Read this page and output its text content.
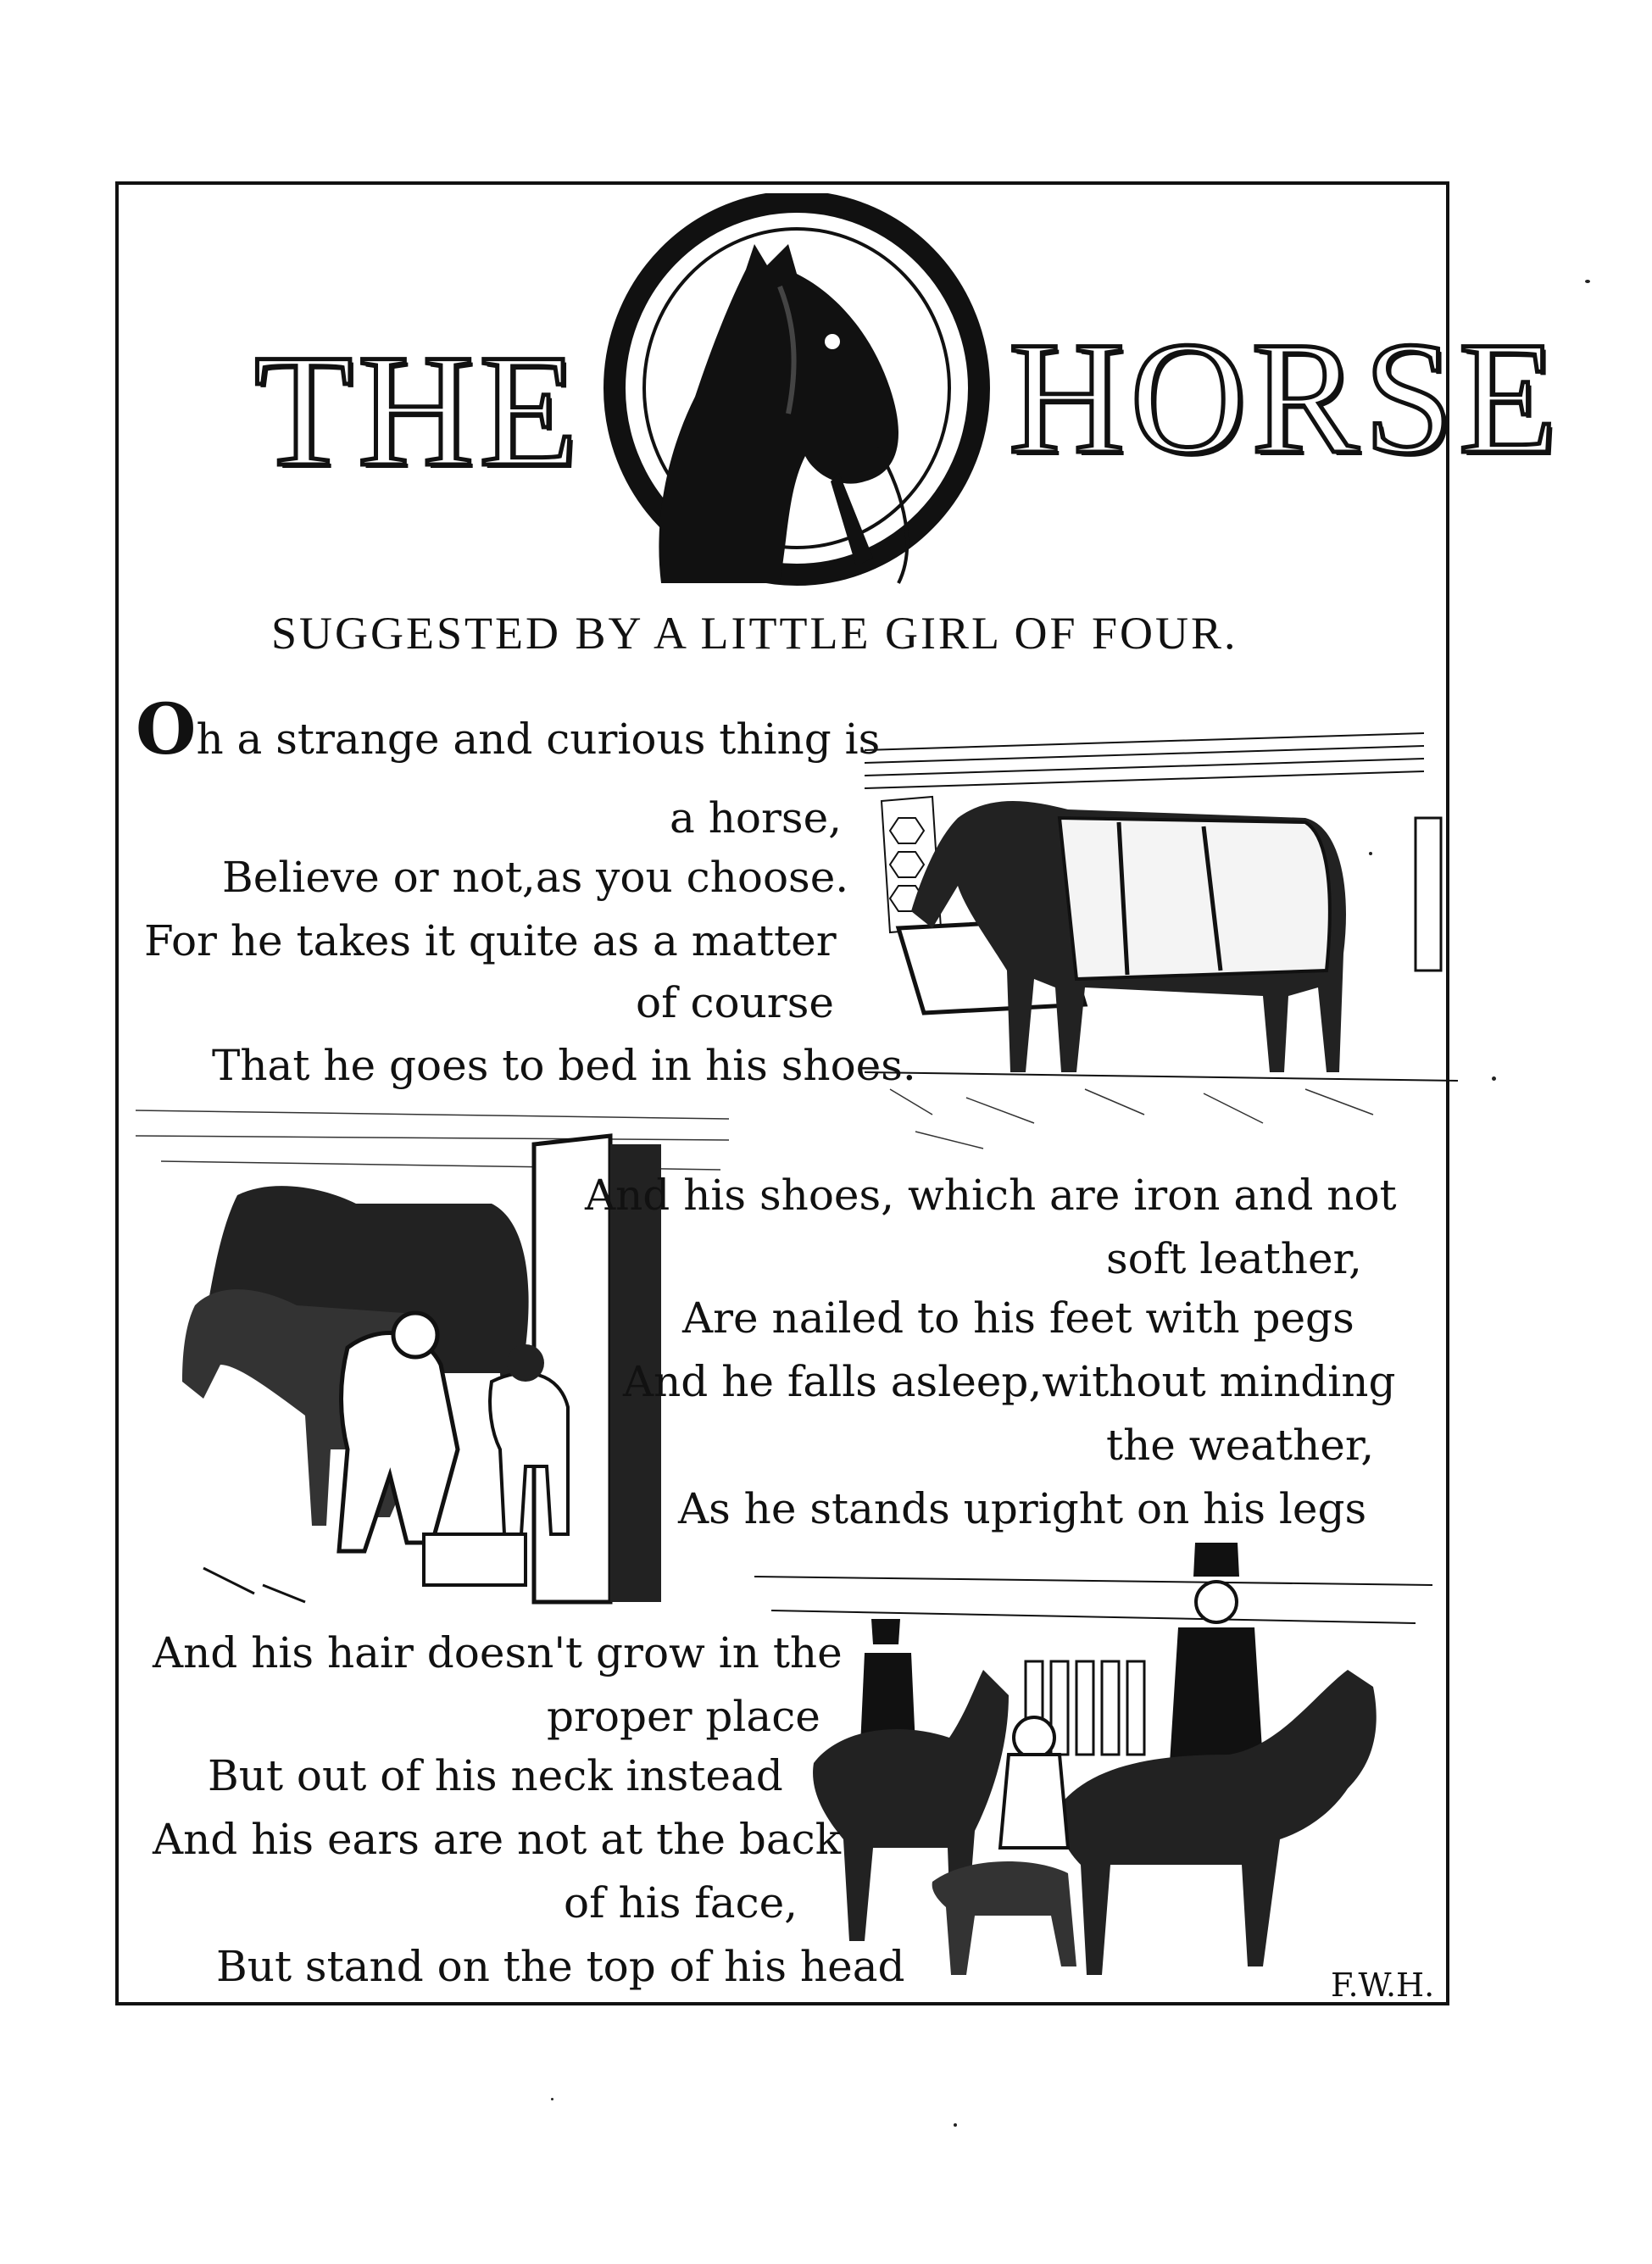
THE	HORSE
SUGGESTED BY A LITTLE GIRL OF FOUR.
Oh a strange and curious thing is
a horse,
Believe or not,as you choose.
For he takes it quite as a matter
of course
That he goes to bed in his shoes.
And his shoes, which are iron and not
soft leather,
Are nailed to his feet with pegs
And he falls asleep,without minding
the weather,
As he stands upright on his legs
And his hair doesn't grow in the
proper place
But out of his neck instead
And his ears are not at the back
of his face,
But stand on the top of his head	F.W.H.
